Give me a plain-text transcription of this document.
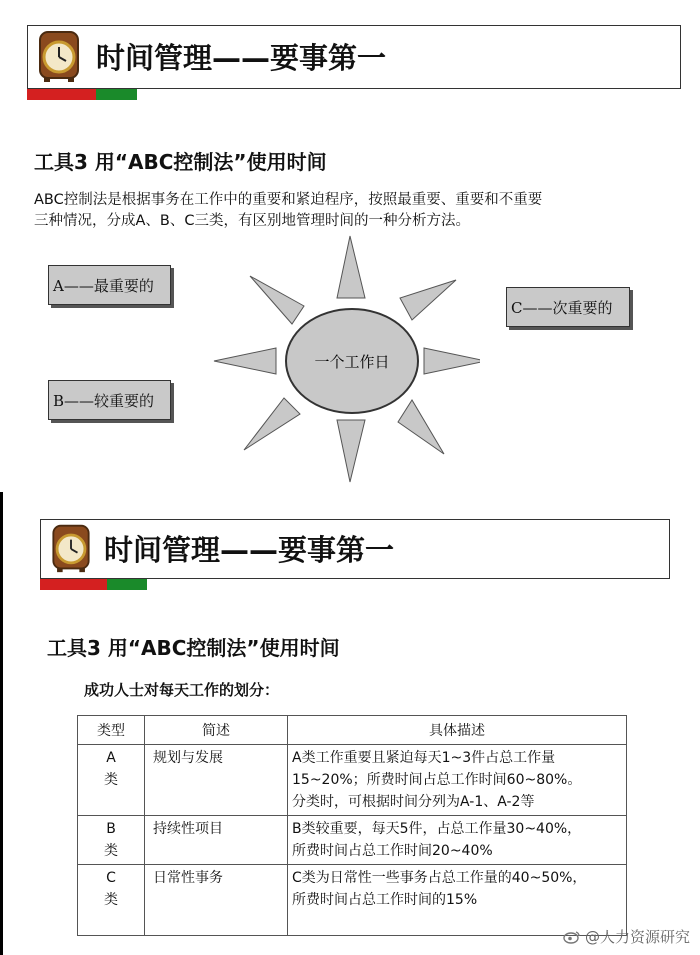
时间管理——要事第一
工具3 用“ABC控制法”使用时间
ABC控制法是根据事务在工作中的重要和紧迫程序，按照最重要、重要和不重要
三种情况，分成A、B、C三类，有区别地管理时间的一种分析方法。
A——最重要的
B——较重要的
C——次重要的
一个工作日
时间管理——要事第一
工具3 用“ABC控制法”使用时间
成功人士对每天工作的划分：
类型	简述	具体描述

A
类	规划与发展	A类工作重要且紧迫每天1~3件占总工作量
15~20%；所费时间占总工作时间60~80%。
分类时，可根据时间分列为A-1、A-2等

B
类	持续性项目	B类较重要，每天5件，占总工作量30~40%，
所费时间占总工作时间20~40%

C
类	日常性事务	C类为日常性一些事务占总工作量的40~50%，
所费时间占总工作时间的15%
@人力资源研究
